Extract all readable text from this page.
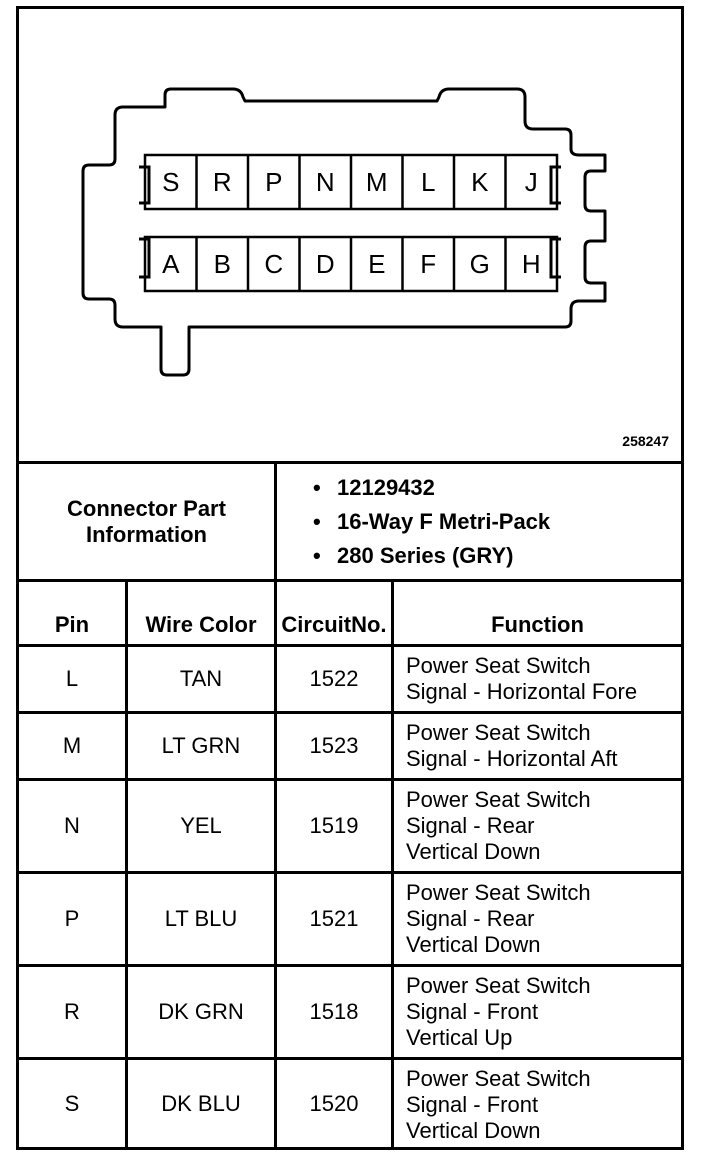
S R P N M L K J
A B C D E F G H
258247
Connector Part Information
• 12129432
• 16-Way F Metri-Pack
• 280 Series (GRY)
Pin	Wire Color	Circuit No.	Function
L	TAN	1522
Power Seat Switch
Signal - Horizontal Fore
M	LT GRN	1523
Power Seat Switch
Signal - Horizontal Aft
N	YEL	1519
Power Seat Switch
Signal - Rear
Vertical Down
P	LT BLU	1521
Power Seat Switch
Signal - Rear
Vertical Down
R	DK GRN	1518
Power Seat Switch
Signal - Front
Vertical Up
S	DK BLU	1520
Power Seat Switch
Signal - Front
Vertical Down
